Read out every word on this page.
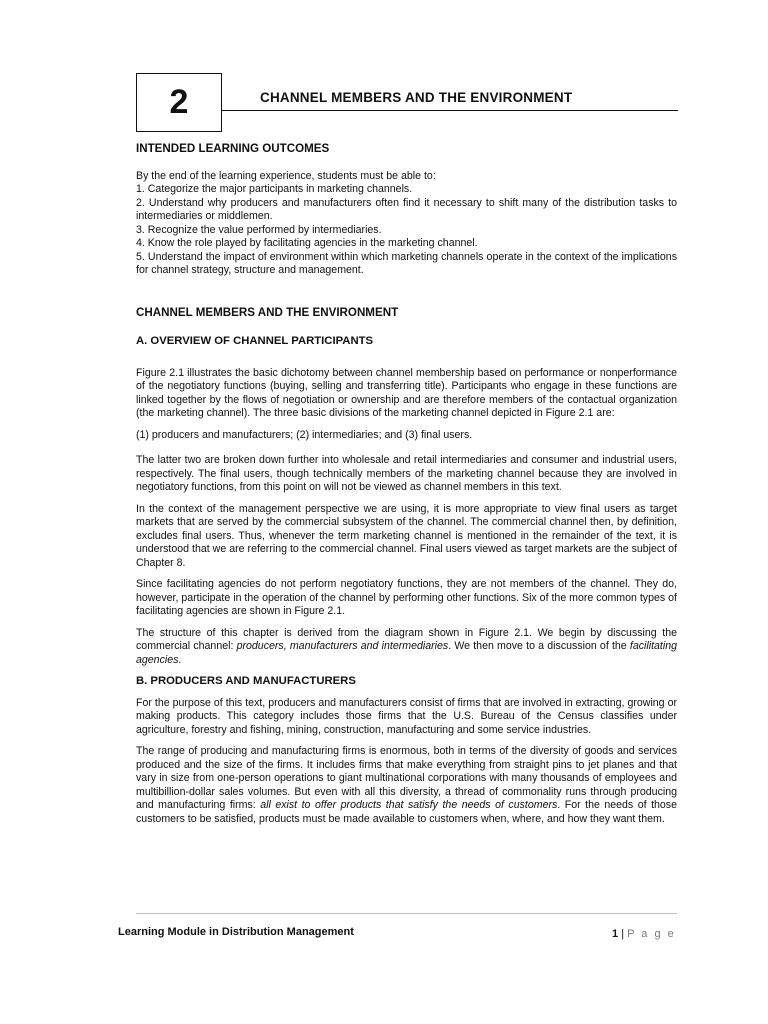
2	CHANNEL MEMBERS AND THE ENVIRONMENT
INTENDED LEARNING OUTCOMES
By the end of the learning experience, students must be able to:
1. Categorize the major participants in marketing channels.
2. Understand why producers and manufacturers often find it necessary to shift many of the distribution tasks to intermediaries or middlemen.
3. Recognize the value performed by intermediaries.
4. Know the role played by facilitating agencies in the marketing channel.
5. Understand the impact of environment within which marketing channels operate in the context of the implications for channel strategy, structure and management.
CHANNEL MEMBERS AND THE ENVIRONMENT
A. OVERVIEW OF CHANNEL PARTICIPANTS

Figure 2.1 illustrates the basic dichotomy between channel membership based on performance or nonperformance of the negotiatory functions (buying, selling and transferring title). Participants who engage in these functions are linked together by the flows of negotiation or ownership and are therefore members of the contactual organization (the marketing channel). The three basic divisions of the marketing channel depicted in Figure 2.1 are:

(1) producers and manufacturers; (2) intermediaries; and (3) final users.

The latter two are broken down further into wholesale and retail intermediaries and consumer and industrial users, respectively. The final users, though technically members of the marketing channel because they are involved in negotiatory functions, from this point on will not be viewed as channel members in this text.

In the context of the management perspective we are using, it is more appropriate to view final users as target markets that are served by the commercial subsystem of the channel. The commercial channel then, by definition, excludes final users. Thus, whenever the term marketing channel is mentioned in the remainder of the text, it is understood that we are referring to the commercial channel. Final users viewed as target markets are the subject of Chapter 8.

Since facilitating agencies do not perform negotiatory functions, they are not members of the channel. They do, however, participate in the operation of the channel by performing other functions. Six of the more common types of facilitating agencies are shown in Figure 2.1.

The structure of this chapter is derived from the diagram shown in Figure 2.1. We begin by discussing the commercial channel: producers, manufacturers and intermediaries. We then move to a discussion of the facilitating agencies.

B. PRODUCERS AND MANUFACTURERS

For the purpose of this text, producers and manufacturers consist of firms that are involved in extracting, growing or making products. This category includes those firms that the U.S. Bureau of the Census classifies under agriculture, forestry and fishing, mining, construction, manufacturing and some service industries.

The range of producing and manufacturing firms is enormous, both in terms of the diversity of goods and services produced and the size of the firms. It includes firms that make everything from straight pins to jet planes and that vary in size from one-person operations to giant multinational corporations with many thousands of employees and multibillion-dollar sales volumes. But even with all this diversity, a thread of commonality runs through producing and manufacturing firms: all exist to offer products that satisfy the needs of customers. For the needs of those customers to be satisfied, products must be made available to customers when, where, and how they want them.

Learning Module in Distribution Management	1 | P a g e
